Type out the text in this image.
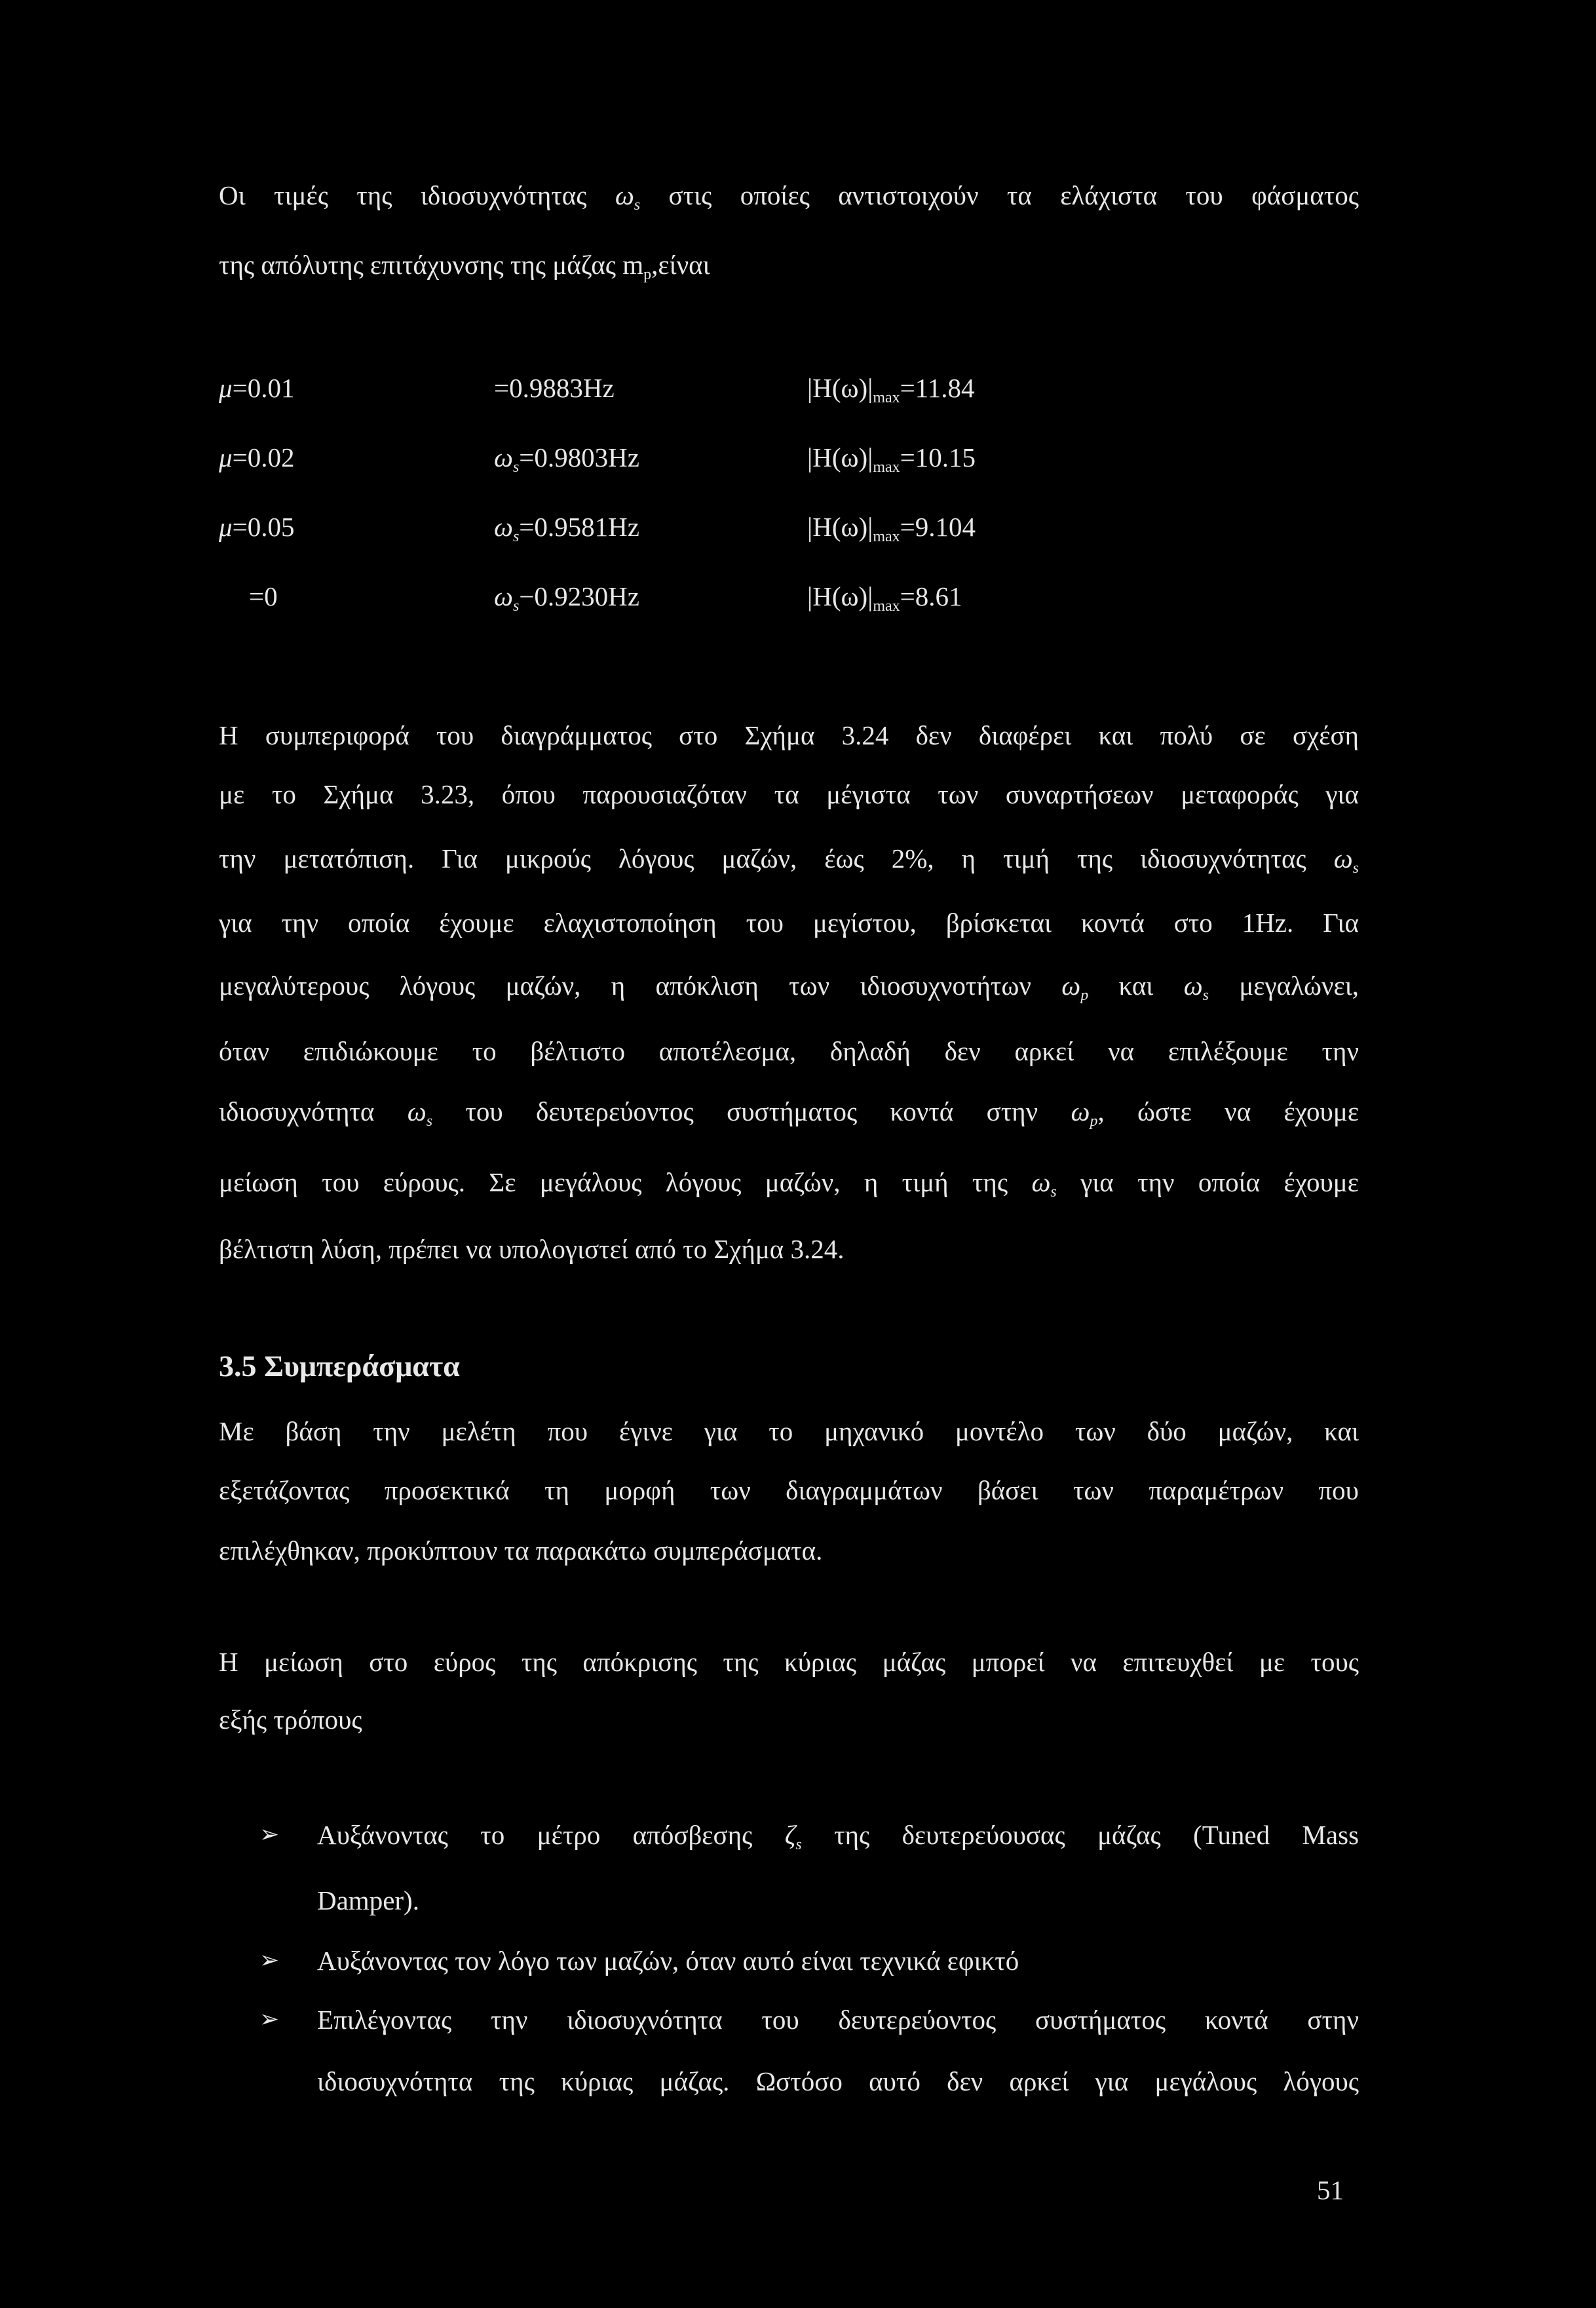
Οι τιμές της ιδιοσυχνότητας $\omega_s$ στις οποίες αντιστοιχούν τα ελάχιστα του φάσματος
της απόλυτης επιτάχυνσης της μάζας $m_p,\varepsilon ί\nu\alpha\iota$
μ=0.01	=0.9883Hz	$|H(\omega)|_{max}=11.84$
μ=0.02	$\omega_s=0.9803Hz$	$|H(\omega)|_{max}=10.15$
μ=0.05	$\omega_s=0.9581Hz$	$|H(\omega)|_{max}=9.104$
=0	$\omega_s-0.9230Hz$	$|H(\omega)|_{max}=8.61$
Η συμπεριφορά του διαγράμματος στο Σχήμα 3.24 δεν διαφέρει και πολύ σε σχέση
με το Σχήμα 3.23, όπου παρουσιαζόταν τα μέγιστα των συναρτήσεων μεταφοράς για
την μετατόπιση. Για μικρούς λόγους μαζών, έως 2%, η τιμή της ιδιοσυχνότητας $\omega_s$
για την οποία έχουμε ελαχιστοποίηση του μεγίστου, βρίσκεται κοντά στο 1Hz. Για
μεγαλύτερους λόγους μαζών, η απόκλιση των ιδιοσυχνοτήτων $\omega_p$ και $\omega_s$ μεγαλώνει,
όταν επιδιώκουμε το βέλτιστο αποτέλεσμα, δηλαδή δεν αρκεί να επιλέξουμε την
ιδιοσυχνότητα $\omega_s$ του δευτερεύοντος συστήματος κοντά στην $\omega_p$, ώστε να έχουμε
μείωση του εύρους. Σε μεγάλους λόγους μαζών, η τιμή της $\omega_s$ για την οποία έχουμε
βέλτιστη λύση, πρέπει να υπολογιστεί από το Σχήμα 3.24.
3.5 Συμπεράσματα
Με βάση την μελέτη που έγινε για το μηχανικό μοντέλο των δύο μαζών, και
εξετάζοντας προσεκτικά τη μορφή των διαγραμμάτων βάσει των παραμέτρων που
επιλέχθηκαν, προκύπτουν τα παρακάτω συμπεράσματα.
Η μείωση στο εύρος της απόκρισης της κύριας μάζας μπορεί να επιτευχθεί με τους
εξής τρόπους
➢ Αυξάνοντας το μέτρο απόσβεσης $\zeta_s$ της δευτερεύουσας μάζας (Tuned Mass
Damper).
➢ Αυξάνοντας τον λόγο των μαζών, όταν αυτό είναι τεχνικά εφικτό
➢ Επιλέγοντας την ιδιοσυχνότητα του δευτερεύοντος συστήματος κοντά στην
ιδιοσυχνότητα της κύριας μάζας. Ωστόσο αυτό δεν αρκεί για μεγάλους λόγους
51
